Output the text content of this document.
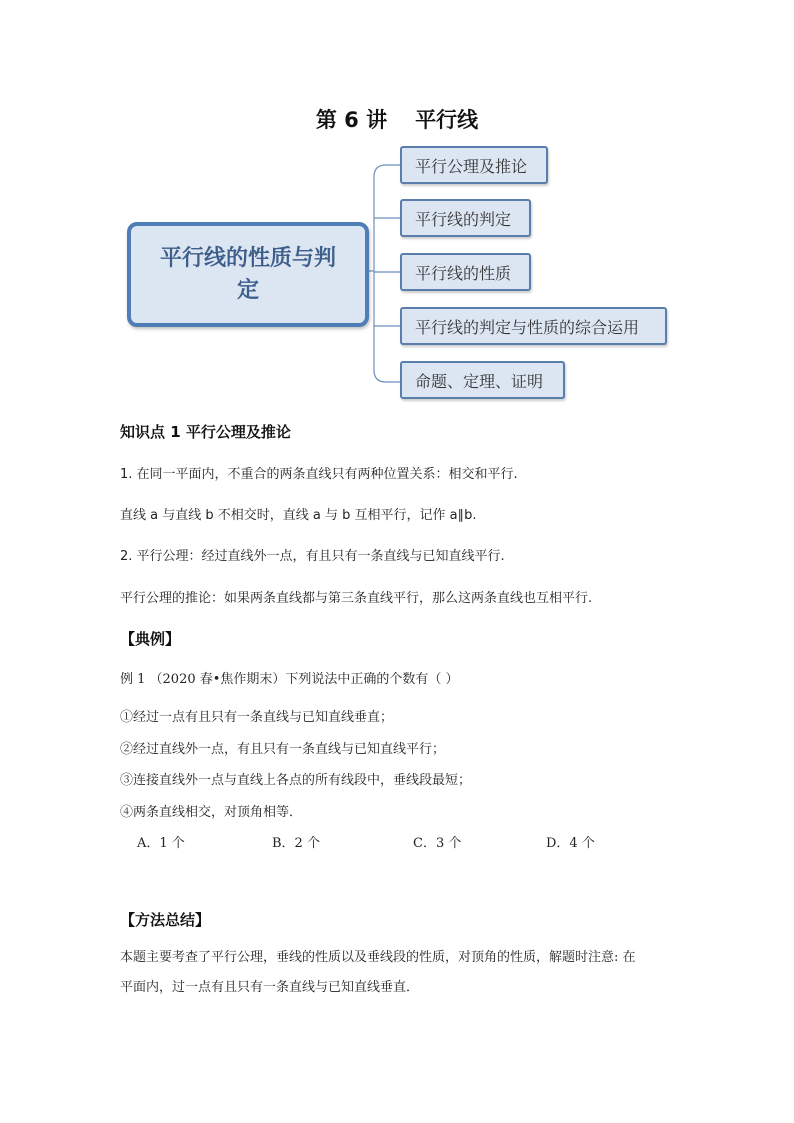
第 6 讲 平行线
平行线的性质与判定
平行公理及推论
平行线的判定
平行线的性质
平行线的判定与性质的综合运用
命题、定理、证明
知识点 1 平行公理及推论
1. 在同一平面内，不重合的两条直线只有两种位置关系：相交和平行.
直线 a 与直线 b 不相交时，直线 a 与 b 互相平行，记作 a∥b.
2. 平行公理：经过直线外一点，有且只有一条直线与已知直线平行.
平行公理的推论：如果两条直线都与第三条直线平行，那么这两条直线也互相平行.
【典例】
例 1 （2020 春•焦作期末）下列说法中正确的个数有（ ）
①经过一点有且只有一条直线与已知直线垂直；
②经过直线外一点，有且只有一条直线与已知直线平行；
③连接直线外一点与直线上各点的所有线段中，垂线段最短；
④两条直线相交，对顶角相等．
A．1 个	B．2 个	C．3 个	D．4 个
【方法总结】
本题主要考查了平行公理，垂线的性质以及垂线段的性质，对顶角的性质，解题时注意: 在
平面内，过一点有且只有一条直线与已知直线垂直．
